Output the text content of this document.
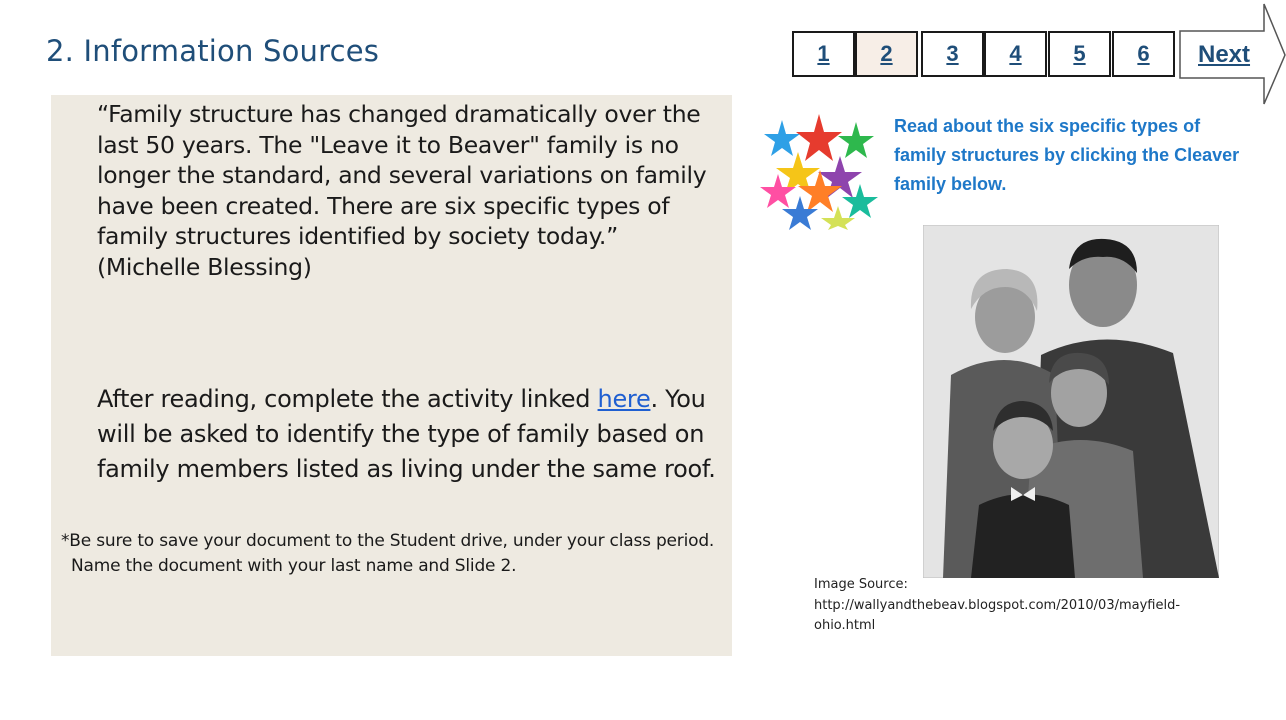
2. Information Sources

“Family structure has changed dramatically over the last 50 years. The "Leave it to Beaver" family is no longer the standard, and several variations on family have been created. There are six specific types of family structures identified by society today.” (Michelle Blessing)

After reading, complete the activity linked here. You will be asked to identify the type of family based on family members listed as living under the same roof.

*Be sure to save your document to the Student drive, under your class period. Name the document with your last name and Slide 2.

1	2	3	4	5	6	Next

Read about the six specific types of family structures by clicking the Cleaver family below.

Image Source:
http://wallyandthebeav.blogspot.com/2010/03/mayfield-ohio.html
